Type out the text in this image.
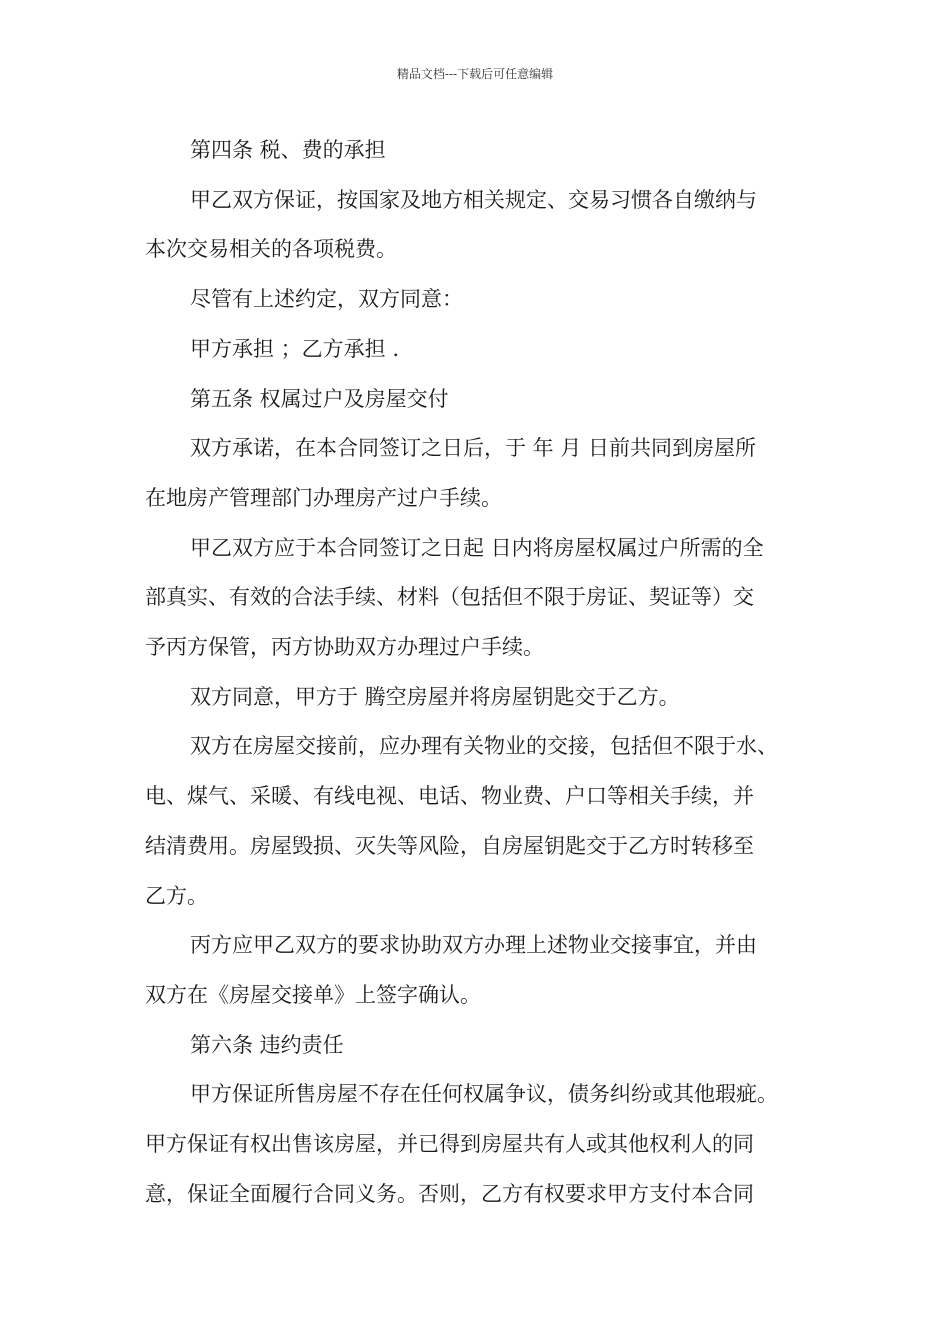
精品文档---下载后可任意编辑

第四条 税、费的承担

甲乙双方保证，按国家及地方相关规定、交易习惯各自缴纳与

本次交易相关的各项税费。

尽管有上述约定，双方同意：

甲方承担 ；乙方承担 .

第五条 权属过户及房屋交付

双方承诺，在本合同签订之日后，于 年 月 日前共同到房屋所

在地房产管理部门办理房产过户手续。

甲乙双方应于本合同签订之日起 日内将房屋权属过户所需的全

部真实、有效的合法手续、材料（包括但不限于房证、契证等）交

予丙方保管，丙方协助双方办理过户手续。

双方同意，甲方于 腾空房屋并将房屋钥匙交于乙方。

双方在房屋交接前，应办理有关物业的交接，包括但不限于水、

电、煤气、采暖、有线电视、电话、物业费、户口等相关手续，并

结清费用。房屋毁损、灭失等风险，自房屋钥匙交于乙方时转移至

乙方。

丙方应甲乙双方的要求协助双方办理上述物业交接事宜，并由

双方在《房屋交接单》上签字确认。

第六条 违约责任

甲方保证所售房屋不存在任何权属争议，债务纠纷或其他瑕疵。

甲方保证有权出售该房屋，并已得到房屋共有人或其他权利人的同

意，保证全面履行合同义务。否则，乙方有权要求甲方支付本合同
